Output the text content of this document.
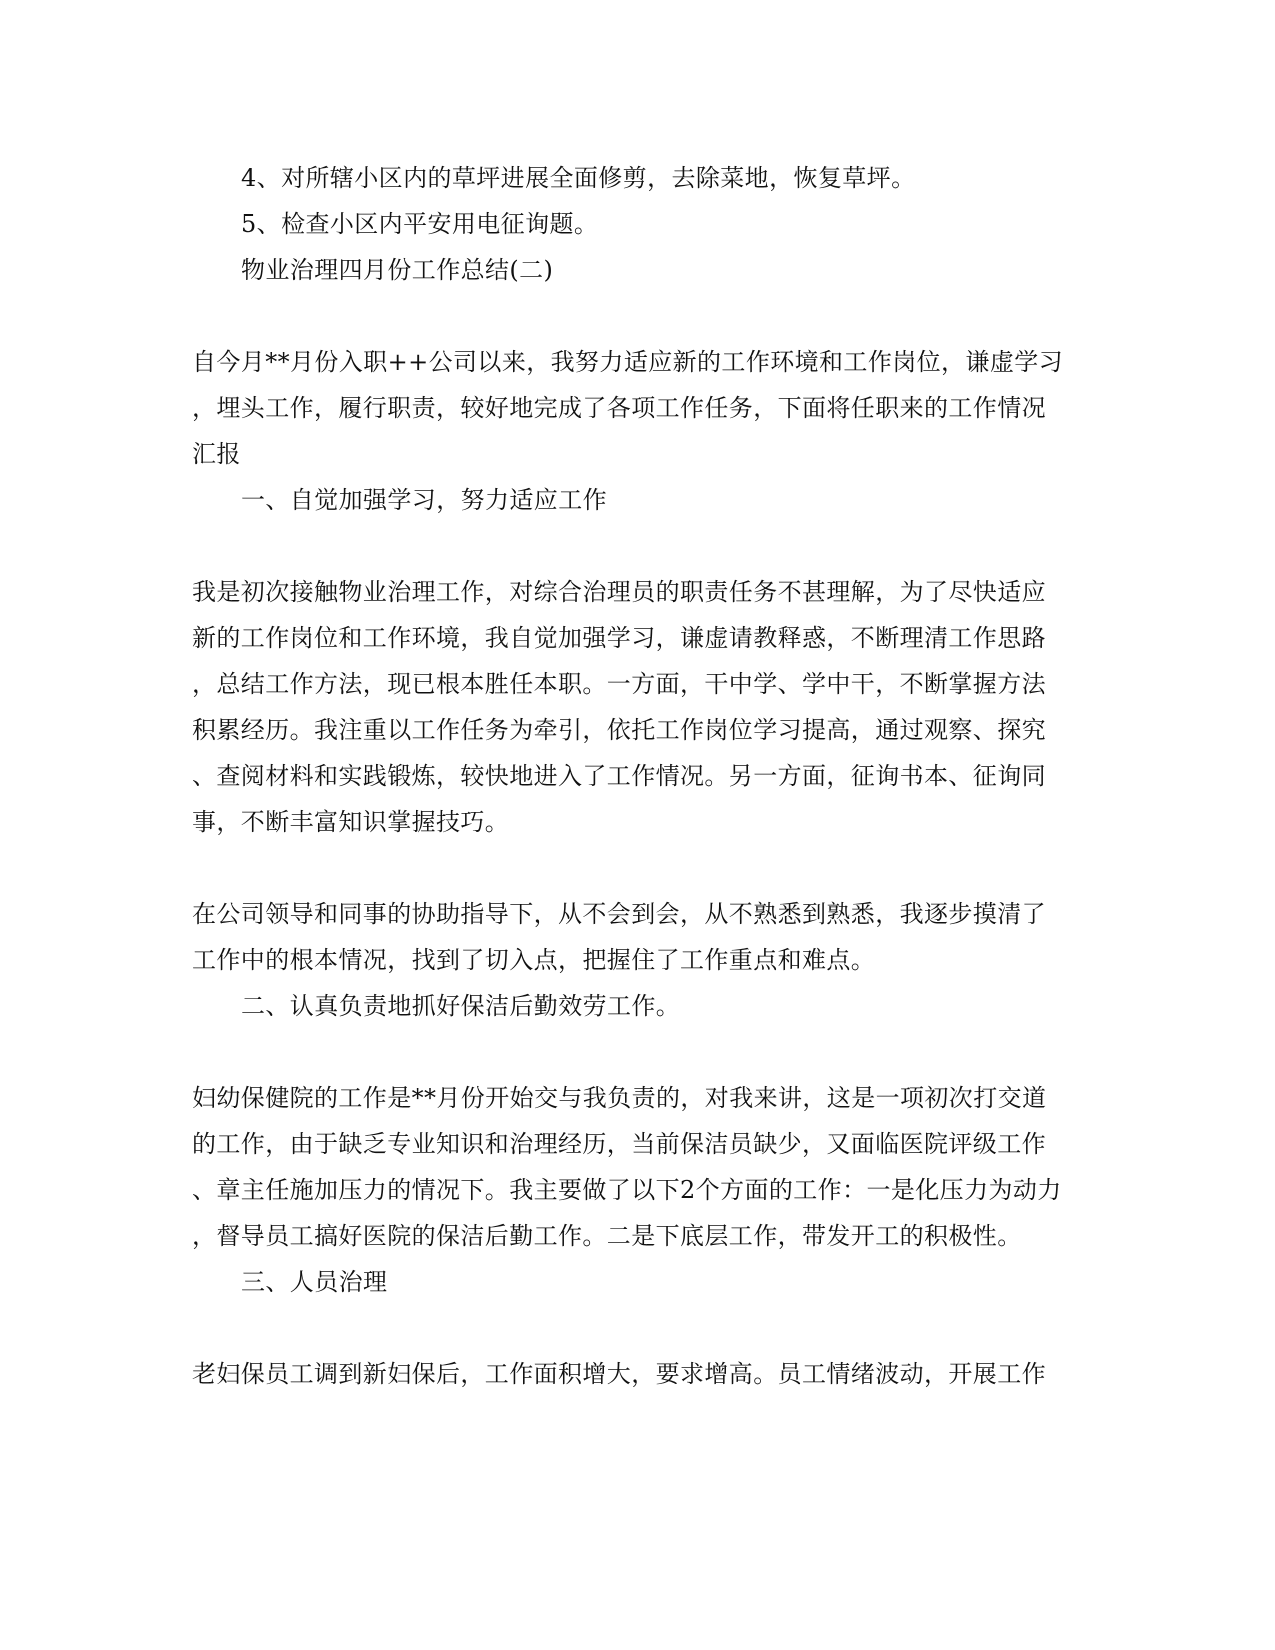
4、对所辖小区内的草坪进展全面修剪，去除菜地，恢复草坪。
5、检查小区内平安用电征询题。
物业治理四月份工作总结(二)
自今月**月份入职++公司以来，我努力适应新的工作环境和工作岗位，谦虚学习
，埋头工作，履行职责，较好地完成了各项工作任务，下面将任职来的工作情况
汇报
一、自觉加强学习，努力适应工作
我是初次接触物业治理工作，对综合治理员的职责任务不甚理解，为了尽快适应
新的工作岗位和工作环境，我自觉加强学习，谦虚请教释惑，不断理清工作思路
，总结工作方法，现已根本胜任本职。一方面，干中学、学中干，不断掌握方法
积累经历。我注重以工作任务为牵引，依托工作岗位学习提高，通过观察、探究
、查阅材料和实践锻炼，较快地进入了工作情况。另一方面，征询书本、征询同
事，不断丰富知识掌握技巧。
在公司领导和同事的协助指导下，从不会到会，从不熟悉到熟悉，我逐步摸清了
工作中的根本情况，找到了切入点，把握住了工作重点和难点。
二、认真负责地抓好保洁后勤效劳工作。
妇幼保健院的工作是**月份开始交与我负责的，对我来讲，这是一项初次打交道
的工作，由于缺乏专业知识和治理经历，当前保洁员缺少，又面临医院评级工作
、章主任施加压力的情况下。我主要做了以下2个方面的工作：一是化压力为动力
，督导员工搞好医院的保洁后勤工作。二是下底层工作，带发开工的积极性。
三、人员治理
老妇保员工调到新妇保后，工作面积增大，要求增高。员工情绪波动，开展工作
